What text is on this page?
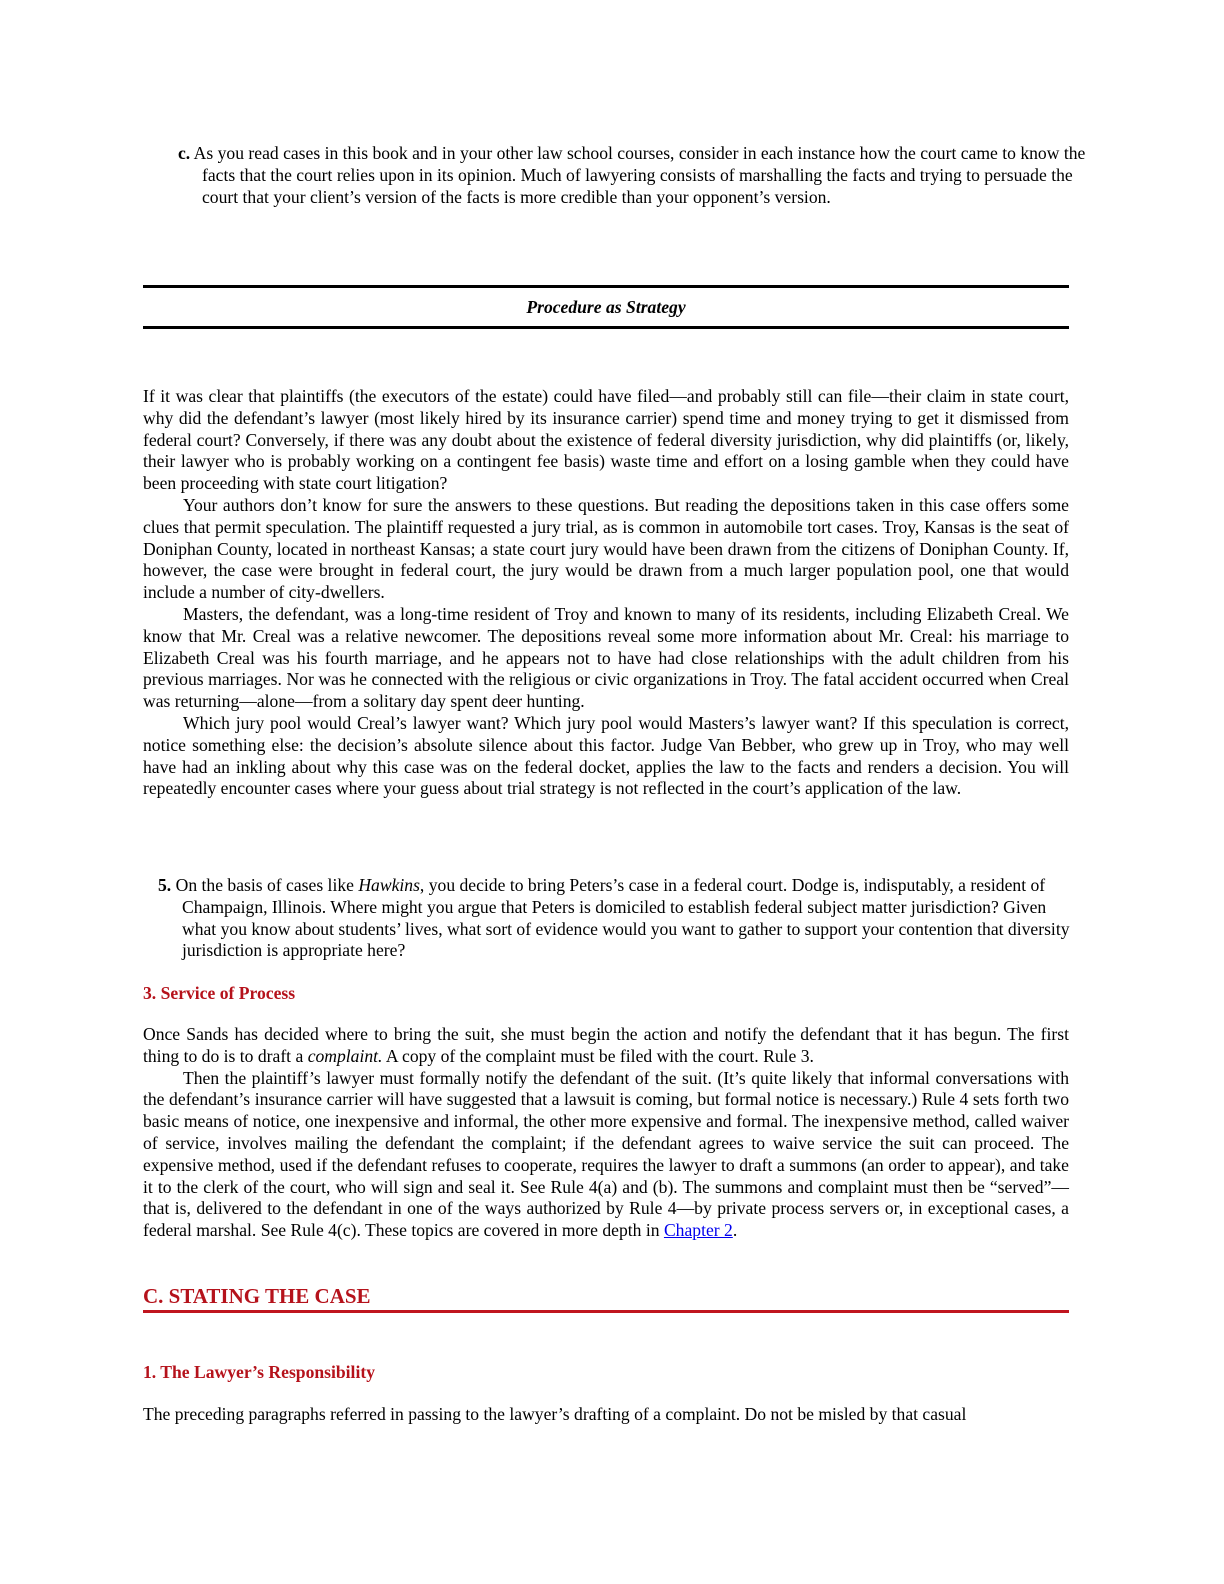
c. As you read cases in this book and in your other law school courses, consider in each instance how the court came to know the facts that the court relies upon in its opinion. Much of lawyering consists of marshalling the facts and trying to persuade the court that your client’s version of the facts is more credible than your opponent’s version.

Procedure as Strategy

If it was clear that plaintiffs (the executors of the estate) could have filed—and probably still can file—their claim in state court, why did the defendant’s lawyer (most likely hired by its insurance carrier) spend time and money trying to get it dismissed from federal court? Conversely, if there was any doubt about the existence of federal diversity jurisdiction, why did plaintiffs (or, likely, their lawyer who is probably working on a contingent fee basis) waste time and effort on a losing gamble when they could have been proceeding with state court litigation?

Your authors don’t know for sure the answers to these questions. But reading the depositions taken in this case offers some clues that permit speculation. The plaintiff requested a jury trial, as is common in automobile tort cases. Troy, Kansas is the seat of Doniphan County, located in northeast Kansas; a state court jury would have been drawn from the citizens of Doniphan County. If, however, the case were brought in federal court, the jury would be drawn from a much larger population pool, one that would include a number of city-dwellers.

Masters, the defendant, was a long-time resident of Troy and known to many of its residents, including Elizabeth Creal. We know that Mr. Creal was a relative newcomer. The depositions reveal some more information about Mr. Creal: his marriage to Elizabeth Creal was his fourth marriage, and he appears not to have had close relationships with the adult children from his previous marriages. Nor was he connected with the religious or civic organizations in Troy. The fatal accident occurred when Creal was returning—alone—from a solitary day spent deer hunting.

Which jury pool would Creal’s lawyer want? Which jury pool would Masters’s lawyer want? If this speculation is correct, notice something else: the decision’s absolute silence about this factor. Judge Van Bebber, who grew up in Troy, who may well have had an inkling about why this case was on the federal docket, applies the law to the facts and renders a decision. You will repeatedly encounter cases where your guess about trial strategy is not reflected in the court’s application of the law.

5. On the basis of cases like Hawkins, you decide to bring Peters’s case in a federal court. Dodge is, indisputably, a resident of Champaign, Illinois. Where might you argue that Peters is domiciled to establish federal subject matter jurisdiction? Given what you know about students’ lives, what sort of evidence would you want to gather to support your contention that diversity jurisdiction is appropriate here?

3. Service of Process

Once Sands has decided where to bring the suit, she must begin the action and notify the defendant that it has begun. The first thing to do is to draft a complaint. A copy of the complaint must be filed with the court. Rule 3.

Then the plaintiff’s lawyer must formally notify the defendant of the suit. (It’s quite likely that informal conversations with the defendant’s insurance carrier will have suggested that a lawsuit is coming, but formal notice is necessary.) Rule 4 sets forth two basic means of notice, one inexpensive and informal, the other more expensive and formal. The inexpensive method, called waiver of service, involves mailing the defendant the complaint; if the defendant agrees to waive service the suit can proceed. The expensive method, used if the defendant refuses to cooperate, requires the lawyer to draft a summons (an order to appear), and take it to the clerk of the court, who will sign and seal it. See Rule 4(a) and (b). The summons and complaint must then be “served”—that is, delivered to the defendant in one of the ways authorized by Rule 4—by private process servers or, in exceptional cases, a federal marshal. See Rule 4(c). These topics are covered in more depth in Chapter 2.

C. STATING THE CASE
1. The Lawyer’s Responsibility

The preceding paragraphs referred in passing to the lawyer’s drafting of a complaint. Do not be misled by that casual
